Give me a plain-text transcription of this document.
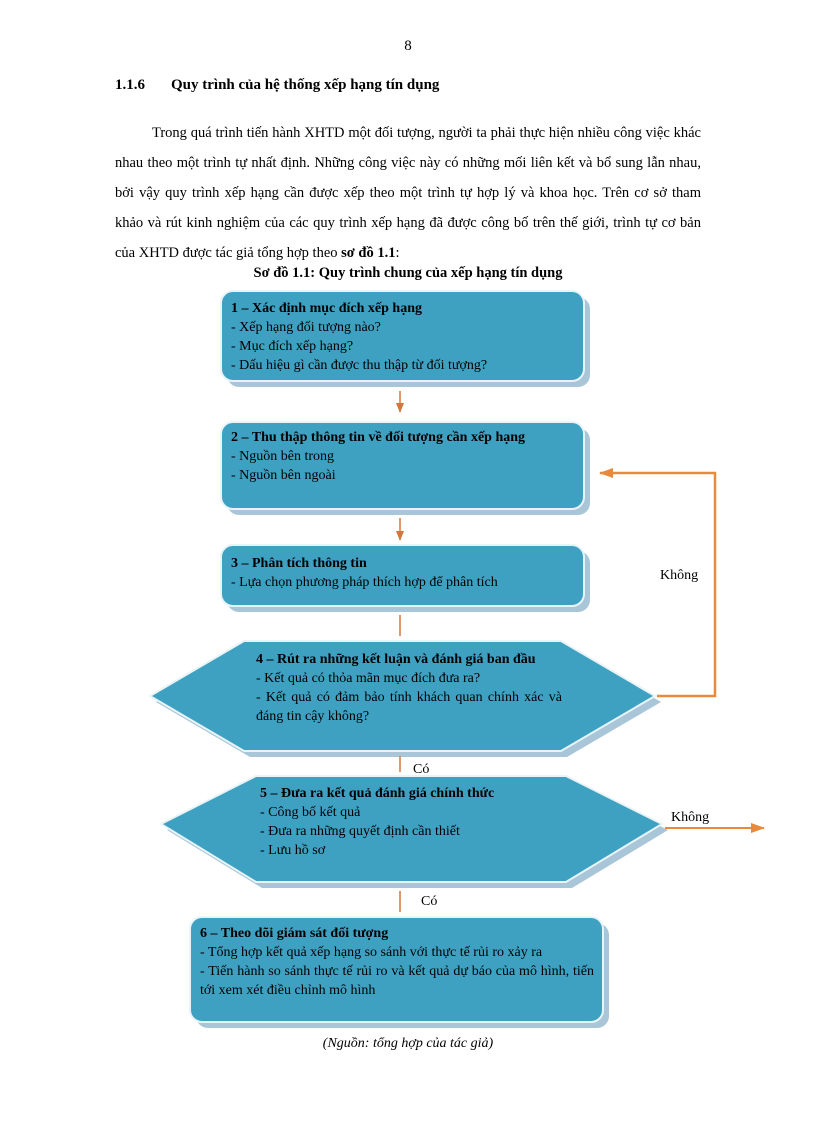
8
1.1.6 Quy trình của hệ thống xếp hạng tín dụng

Trong quá trình tiến hành XHTD một đối tượng, người ta phải thực hiện nhiều công việc khác nhau theo một trình tự nhất định. Những công việc này có những mối liên kết và bổ sung lẫn nhau, bởi vậy quy trình xếp hạng cần được xếp theo một trình tự hợp lý và khoa học. Trên cơ sở tham khảo và rút kinh nghiệm của các quy trình xếp hạng đã được công bố trên thế giới, trình tự cơ bản của XHTD được tác giả tổng hợp theo sơ đồ 1.1:

Sơ đồ 1.1: Quy trình chung của xếp hạng tín dụng
1 – Xác định mục đích xếp hạng
- Xếp hạng đối tượng nào?
- Mục đích xếp hạng?
- Dấu hiệu gì cần được thu thập từ đối tượng?
2 – Thu thập thông tin về đối tượng cần xếp hạng
- Nguồn bên trong
- Nguồn bên ngoài
3 – Phân tích thông tin
- Lựa chọn phương pháp thích hợp để phân tích
4 – Rút ra những kết luận và đánh giá ban đầu
- Kết quả có thỏa mãn mục đích đưa ra?
- Kết quả có đảm bảo tính khách quan chính xác và đáng tin cậy không?
5 – Đưa ra kết quả đánh giá chính thức
- Công bố kết quả
- Đưa ra những quyết định cần thiết
- Lưu hồ sơ
6 – Theo dõi giám sát đối tượng
- Tổng hợp kết quả xếp hạng so sánh với thực tế rủi ro xảy ra
- Tiến hành so sánh thực tế rủi ro và kết quả dự báo của mô hình, tiến tới xem xét điều chỉnh mô hình
Không
Có
Không
Có
(Nguồn: tổng hợp của tác giả)
